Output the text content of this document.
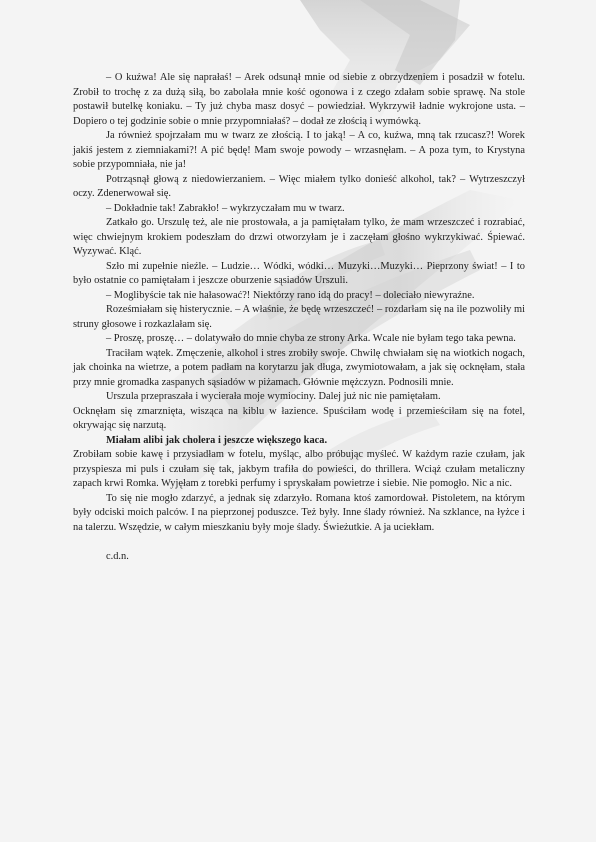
– O kuźwa! Ale się naprałaś! – Arek odsunął mnie od siebie z obrzydzeniem i posadził w fotelu. Zrobił to trochę z za dużą siłą, bo zabolała mnie kość ogonowa i z czego zdałam sobie sprawę. Na stole postawił butelkę koniaku. – Ty już chyba masz dosyć – powiedział. Wykrzywił ładnie wykrojone usta. – Dopiero o tej godzinie sobie o mnie przypomniałaś? – dodał ze złością i wymówką.

Ja również spojrzałam mu w twarz ze złością. I to jaką! – A co, kuźwa, mną tak rzucasz?! Worek jakiś jestem z ziemniakami?! A pić będę! Mam swoje powody – wrzasnęłam. – A poza tym, to Krystyna sobie przypomniała, nie ja!

Potrząsnął głową z niedowierzaniem. – Więc miałem tylko donieść alkohol, tak? – Wytrzeszczył oczy. Zdenerwował się.

– Dokładnie tak! Zabrakło! – wykrzyczałam mu w twarz.

Zatkało go. Urszulę też, ale nie prostowała, a ja pamiętałam tylko, że mam wrzeszczeć i rozrabiać, więc chwiejnym krokiem podeszłam do drzwi otworzyłam je i zaczęłam głośno wykrzykiwać. Śpiewać. Wyzywać. Kląć.

Szło mi zupełnie nieźle. – Ludzie… Wódki, wódki… Muzyki…Muzyki… Pieprzony świat! – I to było ostatnie co pamiętałam i jeszcze oburzenie sąsiadów Urszuli.

– Moglibyście tak nie hałasować?! Niektórzy rano idą do pracy! – doleciało niewyraźne.

Roześmiałam się histerycznie. – A właśnie, że będę wrzeszczeć! – rozdarłam się na ile pozwoliły mi struny głosowe i rozkazlałam się.

– Proszę, proszę… – dolatywało do mnie chyba ze strony Arka. Wcale nie byłam tego taka pewna.

Traciłam wątek. Zmęczenie, alkohol i stres zrobiły swoje. Chwilę chwiałam się na wiotkich nogach, jak choinka na wietrze, a potem padłam na korytarzu jak długa, zwymiotowałam, a jak się ocknęłam, stała przy mnie gromadka zaspanych sąsiadów w piżamach. Głównie mężczyzn. Podnosili mnie.

Urszula przepraszała i wycierała moje wymiociny. Dalej już nic nie pamiętałam.

Ocknęłam się zmarznięta, wisząca na kiblu w łazience. Spuściłam wodę i przemieściłam się na fotel, okrywając się narzutą.

Miałam alibi jak cholera i jeszcze większego kaca.

Zrobiłam sobie kawę i przysiadłam w fotelu, myśląc, albo próbując myśleć. W każdym razie czułam, jak przyspiesza mi puls i czułam się tak, jakbym trafiła do powieści, do thrillera. Wciąż czułam metaliczny zapach krwi Romka. Wyjęłam z torebki perfumy i spryskałam powietrze i siebie. Nie pomogło. Nic a nic.

To się nie mogło zdarzyć, a jednak się zdarzyło. Romana ktoś zamordował. Pistoletem, na którym były odciski moich palców. I na pieprzonej poduszce. Też były. Inne ślady również. Na szklance, na łyżce i na talerzu. Wszędzie, w całym mieszkaniu były moje ślady. Świeżutkie. A ja uciekłam.

c.d.n.
